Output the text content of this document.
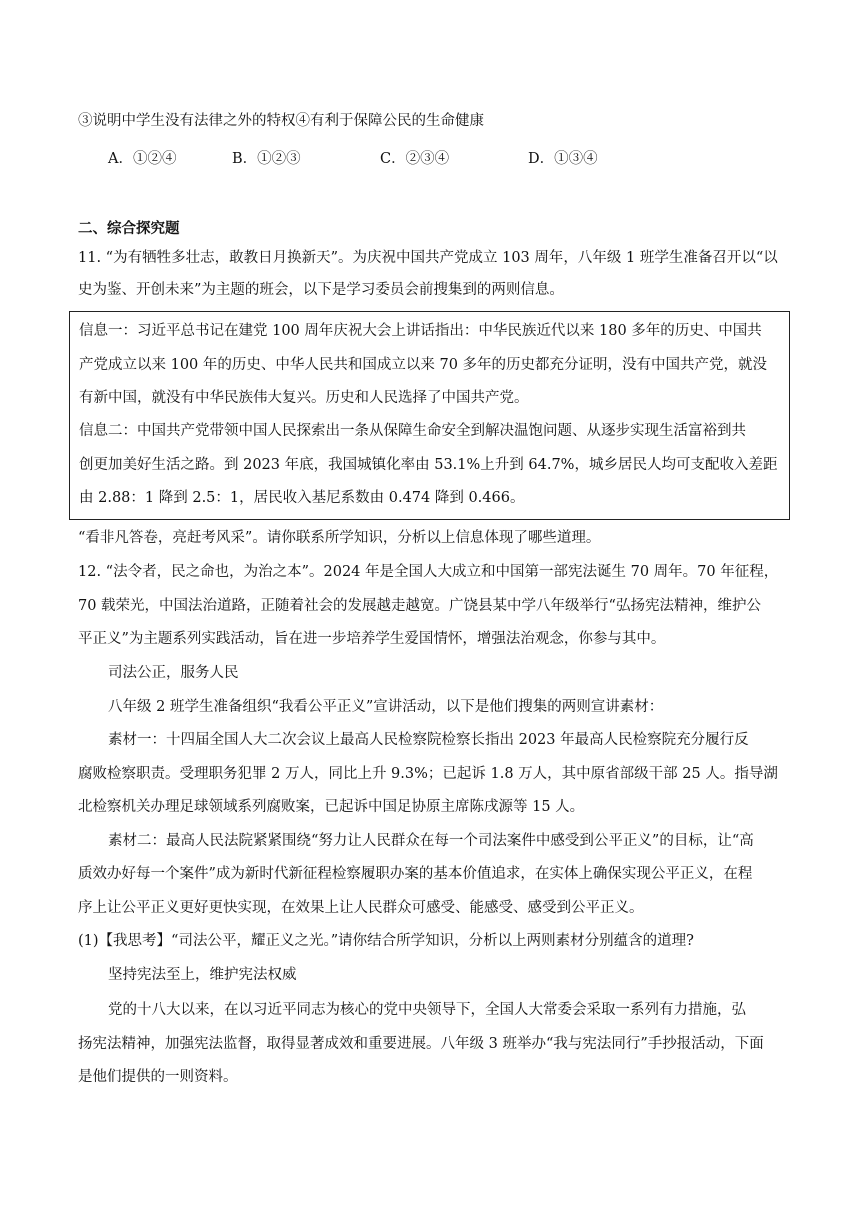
③说明中学生没有法律之外的特权④有利于保障公民的生命健康
A．①②④	B．①②③	C．②③④	D．①③④
二、综合探究题
11. “为有牺牲多壮志，敢教日月换新天”。为庆祝中国共产党成立 103 周年，八年级 1 班学生准备召开以“以
史为鉴、开创未来”为主题的班会，以下是学习委员会前搜集到的两则信息。
信息一：习近平总书记在建党 100 周年庆祝大会上讲话指出：中华民族近代以来 180 多年的历史、中国共
产党成立以来 100 年的历史、中华人民共和国成立以来 70 多年的历史都充分证明，没有中国共产党，就没
有新中国，就没有中华民族伟大复兴。历史和人民选择了中国共产党。
信息二：中国共产党带领中国人民探索出一条从保障生命安全到解决温饱问题、从逐步实现生活富裕到共
创更加美好生活之路。到 2023 年底，我国城镇化率由 53.1%上升到 64.7%，城乡居民人均可支配收入差距
由 2.88：1 降到 2.5：1，居民收入基尼系数由 0.474 降到 0.466。
“看非凡答卷，亮赶考风采”。请你联系所学知识，分析以上信息体现了哪些道理。
12. “法令者，民之命也，为治之本”。2024 年是全国人大成立和中国第一部宪法诞生 70 周年。70 年征程，
70 载荣光，中国法治道路，正随着社会的发展越走越宽。广饶县某中学八年级举行“弘扬宪法精神，维护公
平正义”为主题系列实践活动，旨在进一步培养学生爱国情怀，增强法治观念，你参与其中。
司法公正，服务人民
八年级 2 班学生准备组织“我看公平正义”宣讲活动，以下是他们搜集的两则宣讲素材：
素材一：十四届全国人大二次会议上最高人民检察院检察长指出 2023 年最高人民检察院充分履行反
腐败检察职责。受理职务犯罪 2 万人，同比上升 9.3%；已起诉 1.8 万人，其中原省部级干部 25 人。指导湖
北检察机关办理足球领域系列腐败案，已起诉中国足协原主席陈戌源等 15 人。
素材二：最高人民法院紧紧围绕“努力让人民群众在每一个司法案件中感受到公平正义”的目标，让“高
质效办好每一个案件”成为新时代新征程检察履职办案的基本价值追求，在实体上确保实现公平正义，在程
序上让公平正义更好更快实现，在效果上让人民群众可感受、能感受、感受到公平正义。
(1)【我思考】“司法公平，耀正义之光。”请你结合所学知识，分析以上两则素材分别蕴含的道理?
坚持宪法至上，维护宪法权威
党的十八大以来，在以习近平同志为核心的党中央领导下，全国人大常委会采取一系列有力措施，弘
扬宪法精神，加强宪法监督，取得显著成效和重要进展。八年级 3 班举办“我与宪法同行”手抄报活动，下面
是他们提供的一则资料。
